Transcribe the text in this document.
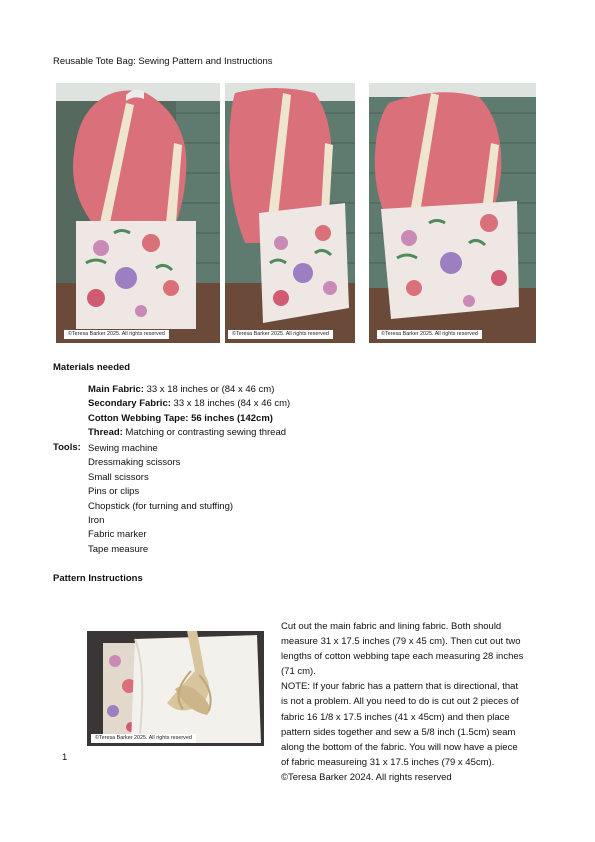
Reusable Tote Bag: Sewing Pattern and Instructions
©Teresa Barker 2025. All rights reserved	©Teresa Barker 2025. All rights reserved	©Teresa Barker 2025. All rights reserved
Materials needed
Main Fabric: 33 x 18 inches or (84 x 46 cm)
Secondary Fabric: 33 x 18 inches (84 x 46 cm)
Cotton Webbing Tape: 56 inches (142cm)
Thread: Matching or contrasting sewing thread
Tools: Sewing machine
Dressmaking scissors
Small scissors
Pins or clips
Chopstick (for turning and stuffing)
Iron
Fabric marker
Tape measure
Pattern Instructions
©Teresa Barker 2025. All rights reserved
Cut out the main fabric and lining fabric. Both should
measure 31 x 17.5 inches (79 x 45 cm). Then cut out two
lengths of cotton webbing tape each measuring 28 inches
(71 cm).
NOTE: If your fabric has a pattern that is directional, that
is not a problem. All you need to do is cut out 2 pieces of
fabric 16 1/8 x 17.5 inches (41 x 45cm) and then place
pattern sides together and sew a 5/8 inch (1.5cm) seam
along the bottom of the fabric. You will now have a piece
of fabric measureing 31 x 17.5 inches (79 x 45cm).
1
©Teresa Barker 2024. All rights reserved
